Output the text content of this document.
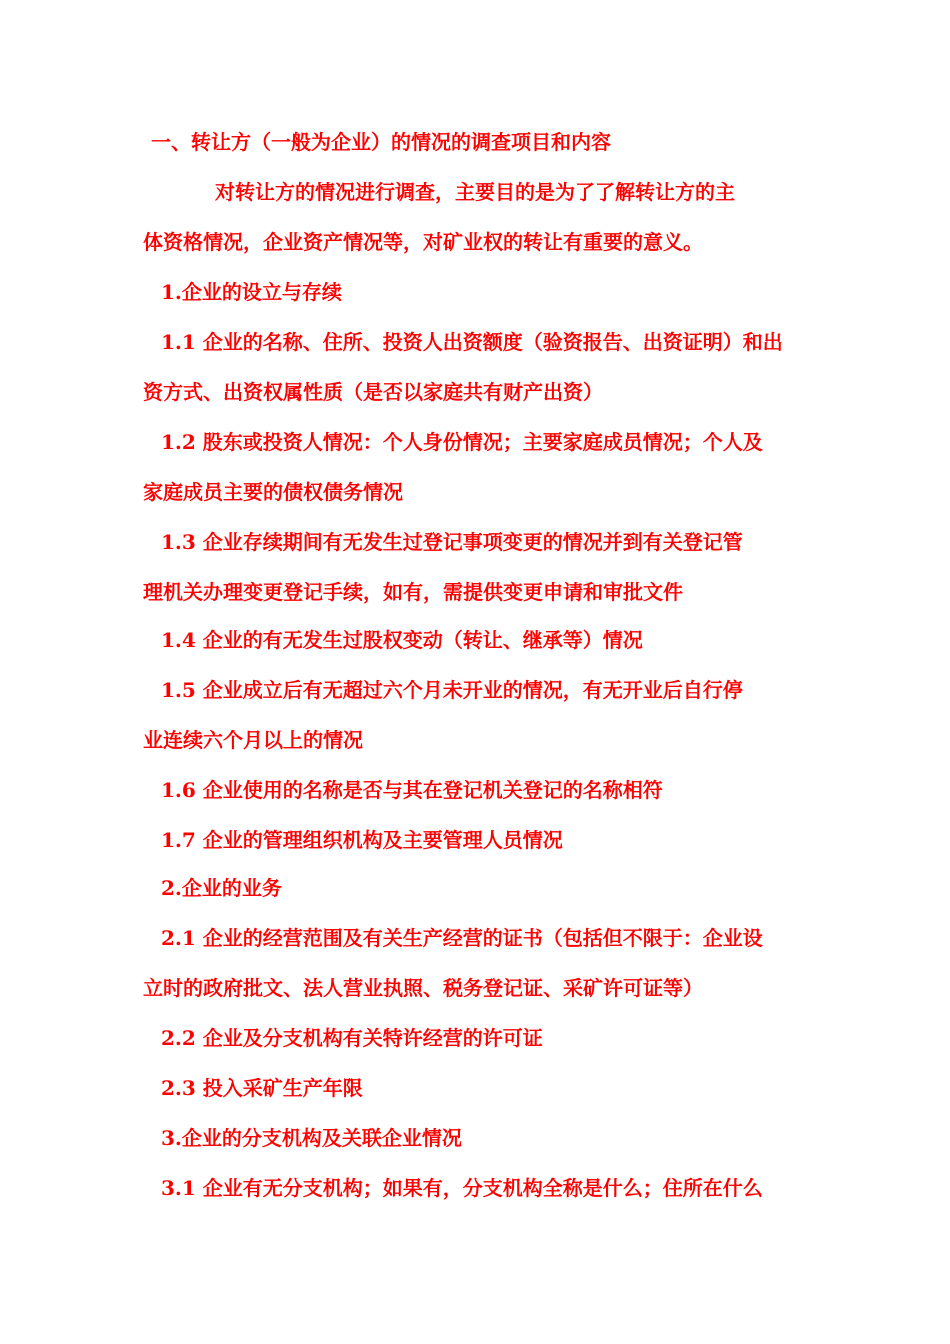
一、转让方（一般为企业）的情况的调查项目和内容
对转让方的情况进行调查，主要目的是为了了解转让方的主
体资格情况，企业资产情况等，对矿业权的转让有重要的意义。
1.企业的设立与存续
1.1 企业的名称、住所、投资人出资额度（验资报告、出资证明）和出
资方式、出资权属性质（是否以家庭共有财产出资）
1.2 股东或投资人情况：个人身份情况；主要家庭成员情况；个人及
家庭成员主要的债权债务情况
1.3 企业存续期间有无发生过登记事项变更的情况并到有关登记管
理机关办理变更登记手续，如有，需提供变更申请和审批文件
1.4 企业的有无发生过股权变动（转让、继承等）情况
1.5 企业成立后有无超过六个月未开业的情况，有无开业后自行停
业连续六个月以上的情况
1.6 企业使用的名称是否与其在登记机关登记的名称相符
1.7 企业的管理组织机构及主要管理人员情况
2.企业的业务
2.1 企业的经营范围及有关生产经营的证书（包括但不限于：企业设
立时的政府批文、法人营业执照、税务登记证、采矿许可证等）
2.2 企业及分支机构有关特许经营的许可证
2.3 投入采矿生产年限
3.企业的分支机构及关联企业情况
3.1 企业有无分支机构；如果有，分支机构全称是什么；住所在什么
